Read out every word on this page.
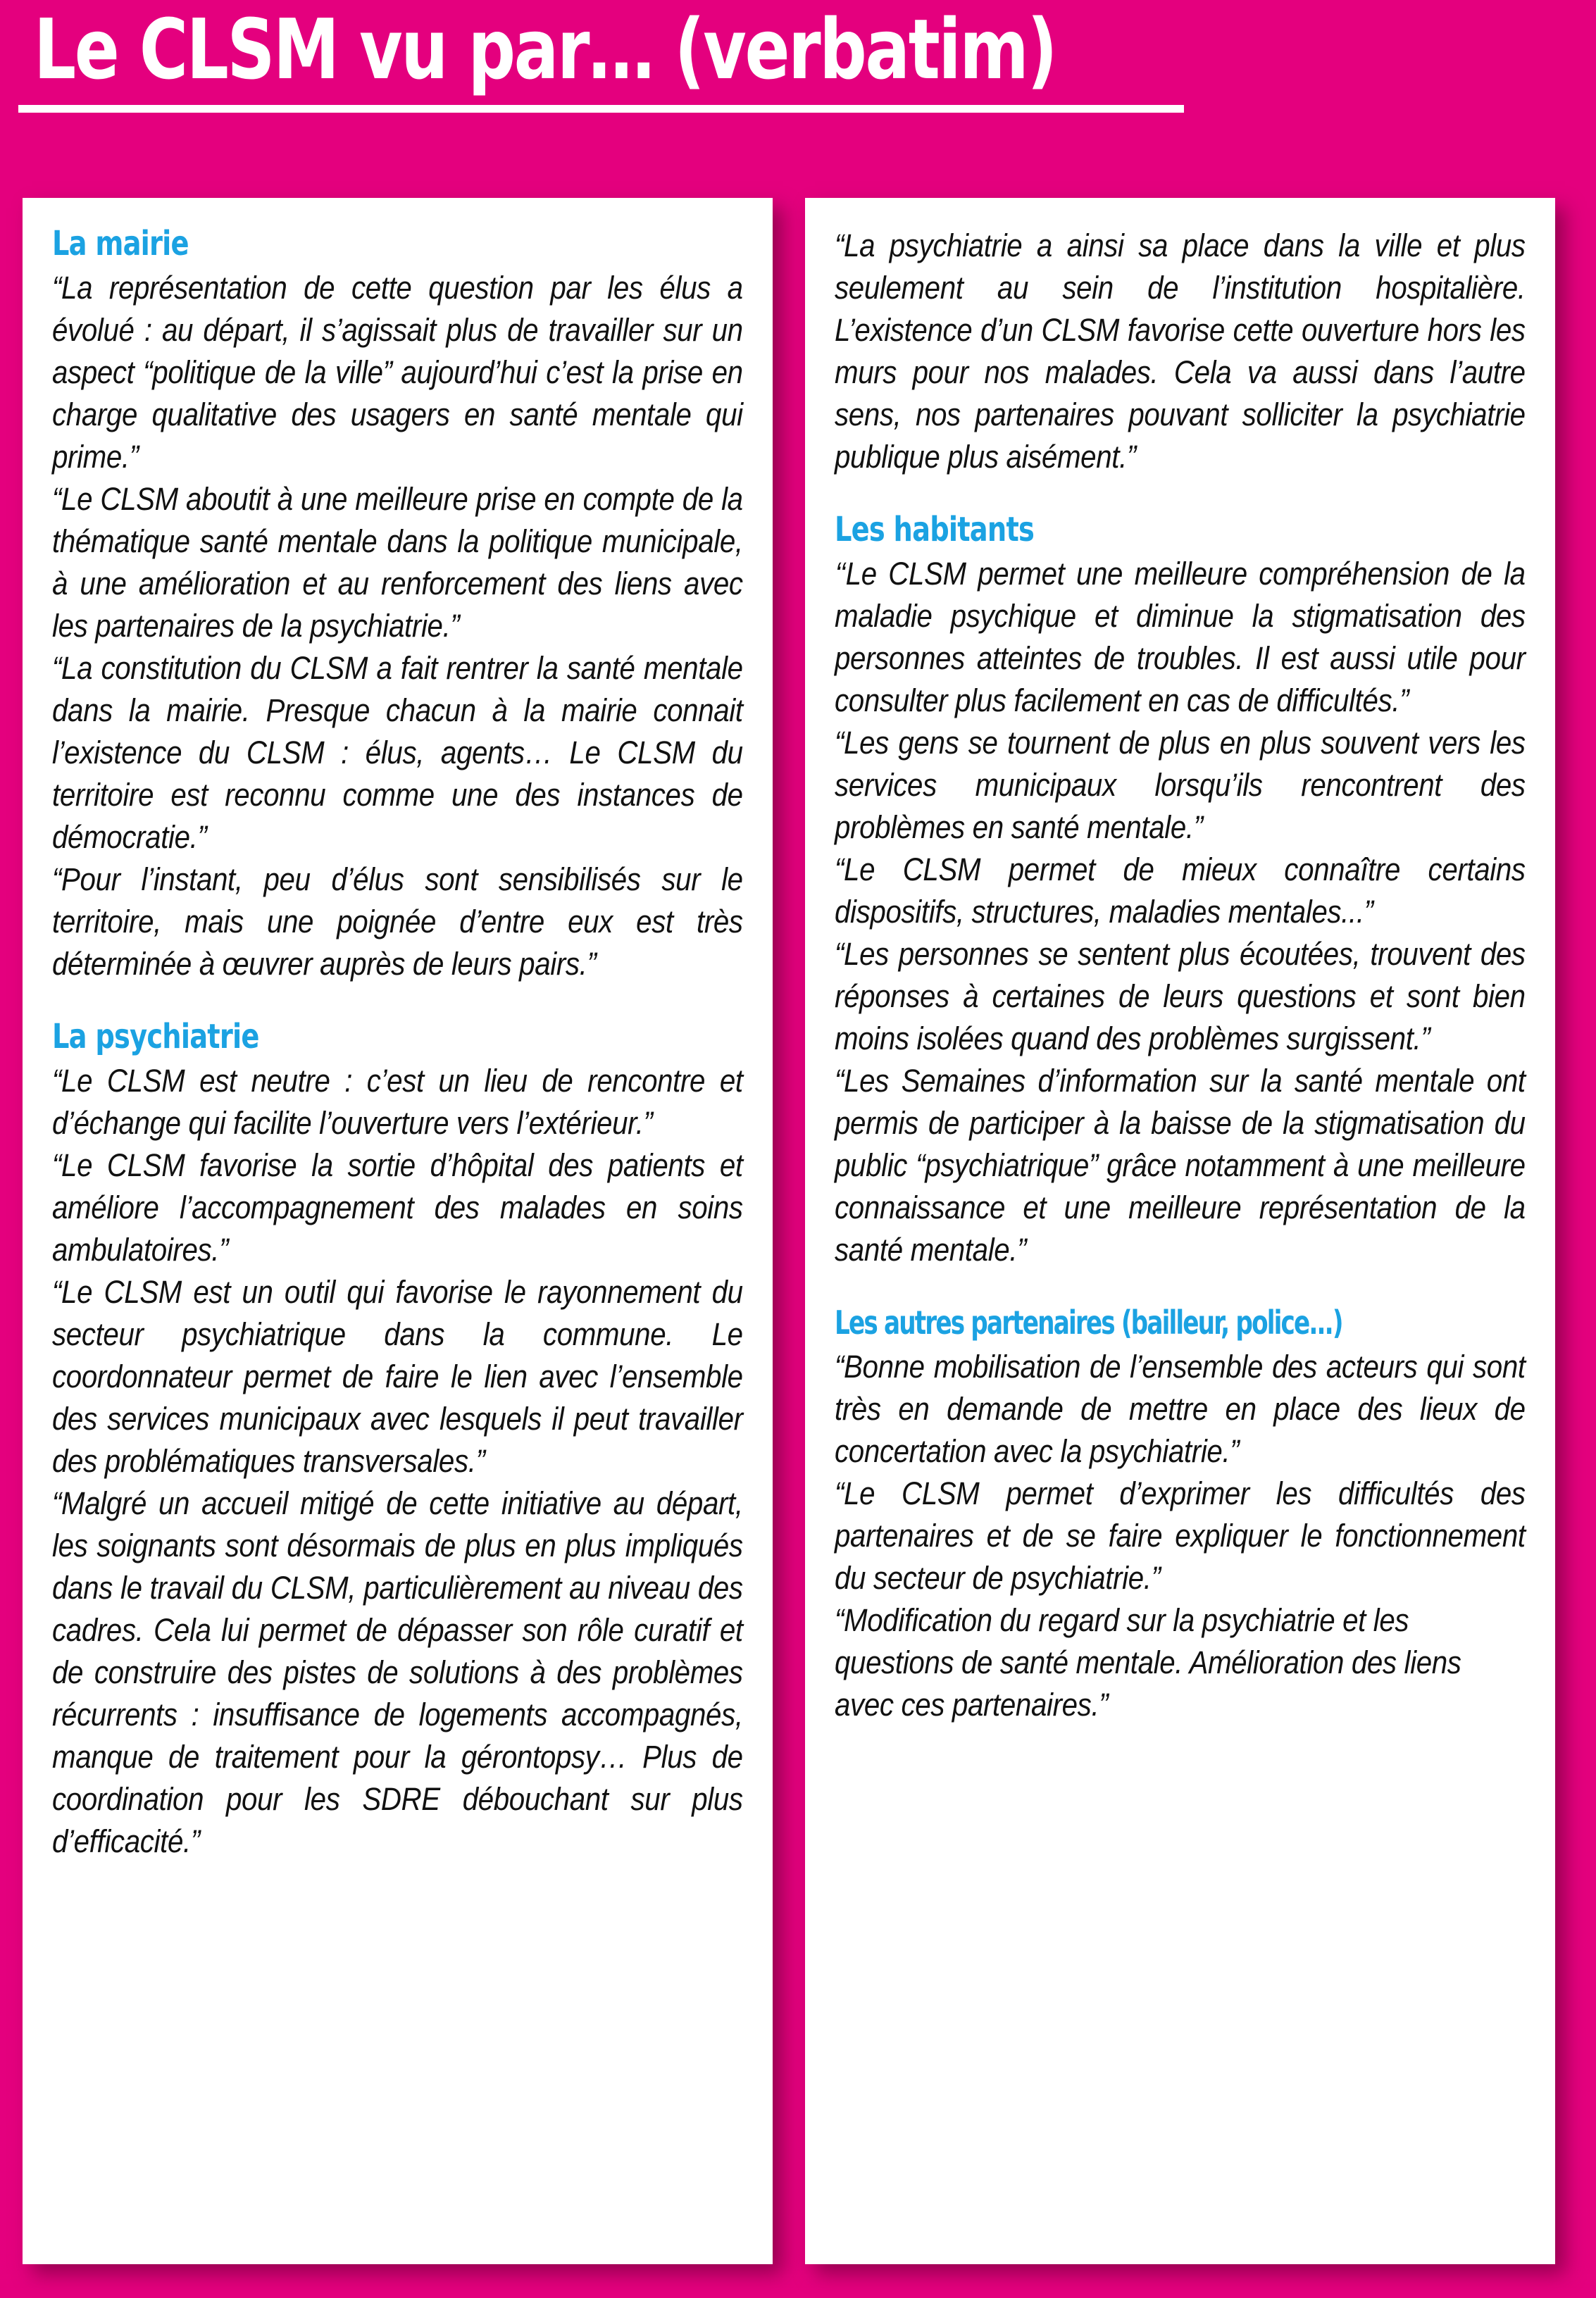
Le CLSM vu par… (verbatim)
La mairie

“La représentation de cette question par les élus a évolué : au départ, il s’agissait plus de travailler sur un aspect “politique de la ville” aujourd’hui c’est la prise en charge qualitative des usagers en santé mentale qui prime.”

“Le CLSM aboutit à une meilleure prise en compte de la thématique santé mentale dans la politique municipale, à une amélioration et au renforcement des liens avec les partenaires de la psychiatrie.”

“La constitution du CLSM a fait rentrer la santé mentale dans la mairie. Presque chacun à la mairie connait l’existence du CLSM : élus, agents… Le CLSM du territoire est reconnu comme une des instances de démocratie.”

“Pour l’instant, peu d’élus sont sensibilisés sur le territoire, mais une poignée d’entre eux est très déterminée à œuvrer auprès de leurs pairs.”

La psychiatrie

“Le CLSM est neutre : c’est un lieu de rencontre et d’échange qui facilite l’ouverture vers l’extérieur.”

“Le CLSM favorise la sortie d’hôpital des patients et améliore l’accompagnement des malades en soins ambulatoires.”

“Le CLSM est un outil qui favorise le rayonnement du secteur psychiatrique dans la commune. Le coordonnateur permet de faire le lien avec l’ensemble des services municipaux avec lesquels il peut travailler des problématiques transversales.”

“Malgré un accueil mitigé de cette initiative au départ, les soignants sont désormais de plus en plus impliqués dans le travail du CLSM, particulièrement au niveau des cadres. Cela lui permet de dépasser son rôle curatif et de construire des pistes de solutions à des problèmes récurrents : insuffisance de logements accompagnés, manque de traitement pour la gérontopsy… Plus de coordination pour les SDRE débouchant sur plus d’efficacité.”

“La psychiatrie a ainsi sa place dans la ville et plus seulement au sein de l’institution hospitalière. L’existence d’un CLSM favorise cette ouverture hors les murs pour nos malades. Cela va aussi dans l’autre sens, nos partenaires pouvant solliciter la psychiatrie publique plus aisément.”

Les habitants

‘‘Le CLSM permet une meilleure compréhension de la maladie psychique et diminue la stigmatisation des personnes atteintes de troubles. Il est aussi utile pour consulter plus facilement en cas de difficultés.”

“Les gens se tournent de plus en plus souvent vers les services municipaux lorsqu’ils rencontrent des problèmes en santé mentale.”

“Le CLSM permet de mieux connaître certains dispositifs, structures, maladies mentales...”

“Les personnes se sentent plus écoutées, trouvent des réponses à certaines de leurs questions et sont bien moins isolées quand des problèmes surgissent.”

“Les Semaines d’information sur la santé mentale ont permis de participer à la baisse de la stigmatisation du public “psychiatrique” grâce notamment à une meilleure connaissance et une meilleure représentation de la santé mentale.”

Les autres partenaires (bailleur, police...)

“Bonne mobilisation de l’ensemble des acteurs qui sont très en demande de mettre en place des lieux de concertation avec la psychiatrie.”

“Le CLSM permet d’exprimer les difficultés des partenaires et de se faire expliquer le fonctionnement du secteur de psychiatrie.”

“Modification du regard sur la psychiatrie et les questions de santé mentale. Amélioration des liens avec ces partenaires.”
